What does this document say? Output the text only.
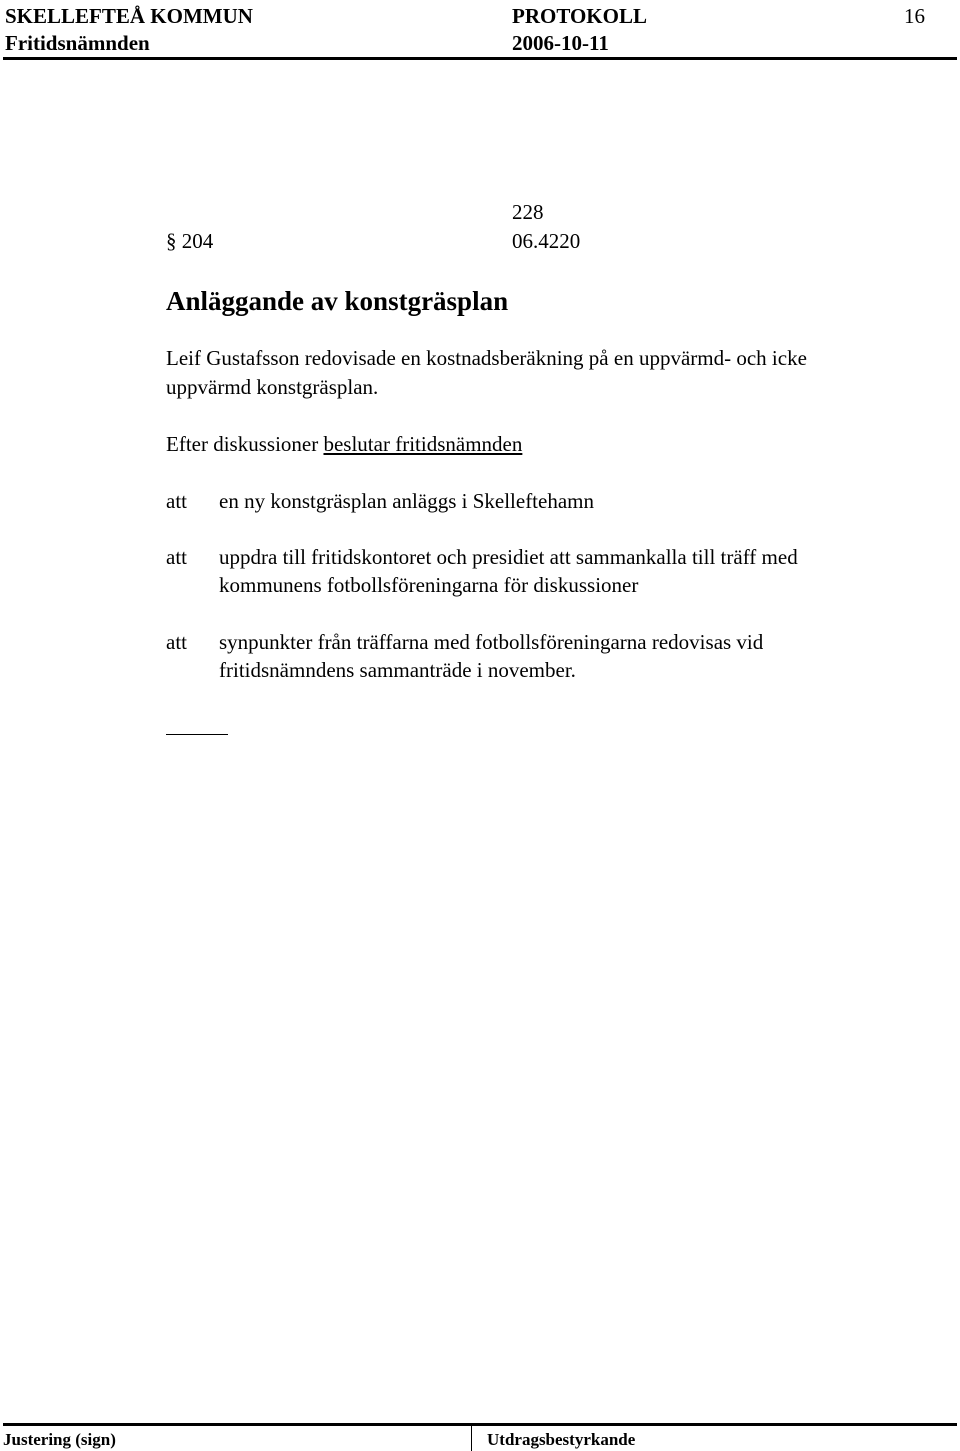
SKELLEFTEÅ KOMMUN	PROTOKOLL	16
Fritidsnämnden	2006-10-11
228
§ 204	06.4220
Anläggande av konstgräsplan
Leif Gustafsson redovisade en kostnadsberäkning på en uppvärmd- och icke
uppvärmd konstgräsplan.
Efter diskussioner beslutar fritidsnämnden
att en ny konstgräsplan anläggs i Skelleftehamn
att uppdra till fritidskontoret och presidiet att sammankalla till träff med
kommunens fotbollsföreningarna för diskussioner
att synpunkter från träffarna med fotbollsföreningarna redovisas vid
fritidsnämndens sammanträde i november.
Justering (sign)	Utdragsbestyrkande
